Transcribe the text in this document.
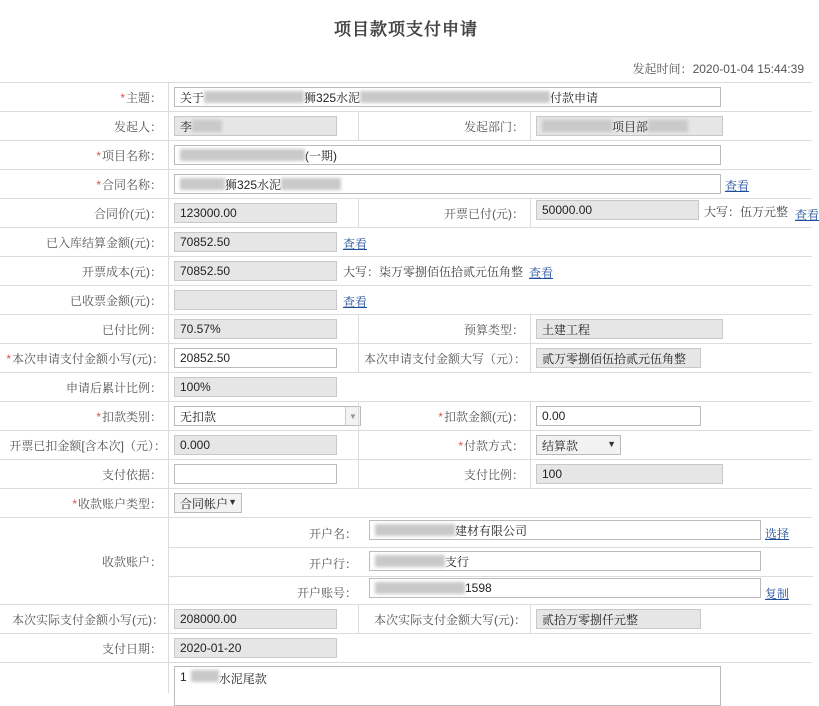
项目款项支付申请
发起时间：2020-01-04 15:44:39
* 主题： 关于	狮325水泥	付款申请
发起人：	李	发起部门：	项目部
* 项目名称：	(一期)
* 合同名称：	狮325水泥	查看
合同价(元)：	123000.00	开票已付(元)：	50000.00	大写：伍万元整 查看
已入库结算金额(元)：	70852.50	查看
开票成本(元)：	70852.50	大写：柒万零捌佰伍拾贰元伍角整 查看
已收票金额(元)：	查看
已付比例：	70.57%	预算类型：	土建工程
* 本次申请支付金额小写(元)：	20852.50	本次申请支付金额大写（元）：	贰万零捌佰伍拾贰元伍角整
申请后累计比例：	100%
* 扣款类别： 无扣款	▼	* 扣款金额(元)：	0.00
开票已扣金额[含本次]（元）：	0.000	* 付款方式： 结算款	▼
支付依据：	支付比例：	100
* 收款账户类型： 合同帐户 ▼
收款账户：
开户名：	建材有限公司	选择
开户行：	支行
开户账号：	1598	复制
本次实际支付金额小写(元)：	208000.00	本次实际支付金额大写(元)：	贰拾万零捌仟元整
支付日期：	2020-01-20
1	水泥尾款
